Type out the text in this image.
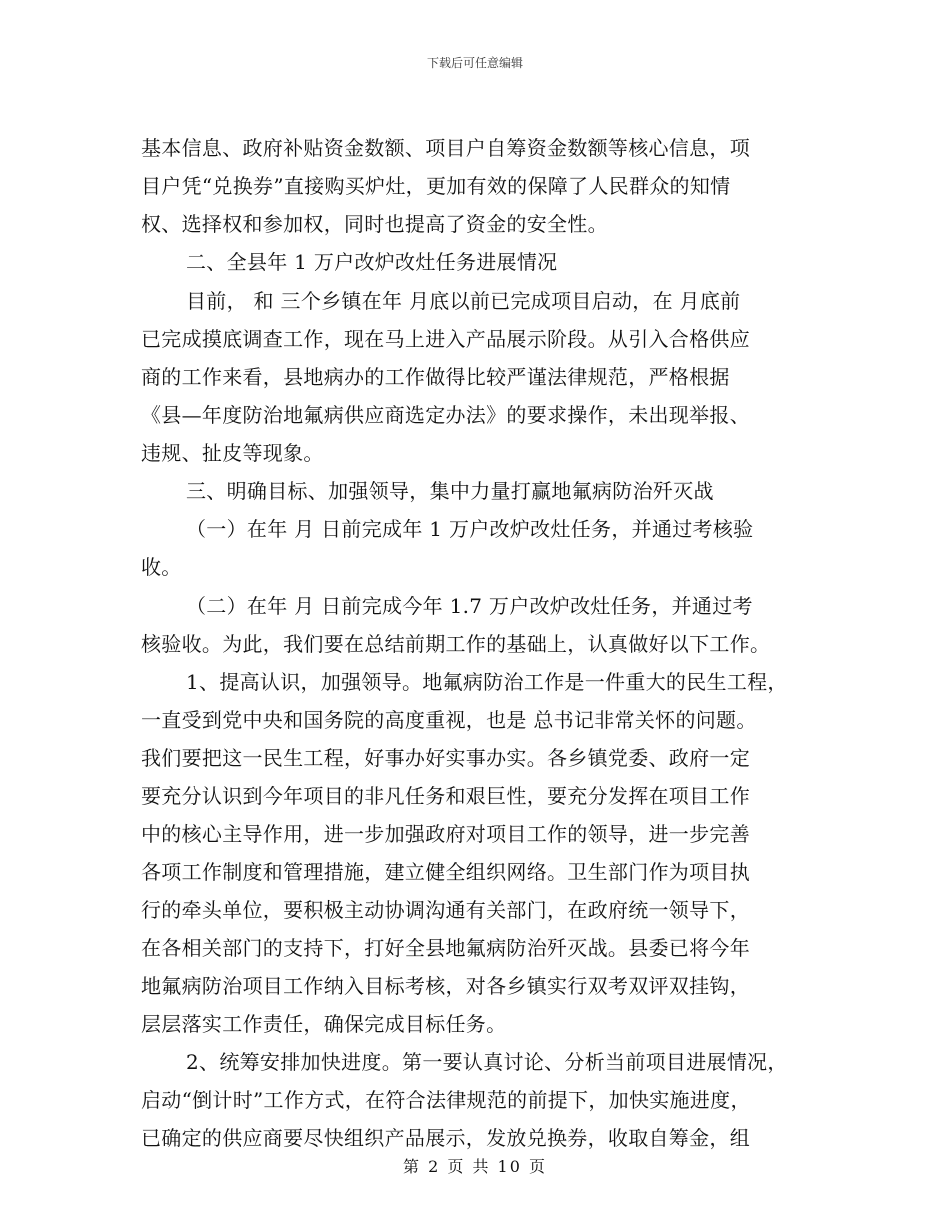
下载后可任意编辑
基本信息、政府补贴资金数额、项目户自筹资金数额等核心信息，项
目户凭“兑换券”直接购买炉灶，更加有效的保障了人民群众的知情
权、选择权和参加权，同时也提高了资金的安全性。
二、全县年 1 万户改炉改灶任务进展情况
目前， 和 三个乡镇在年 月底以前已完成项目启动，在 月底前
已完成摸底调查工作，现在马上进入产品展示阶段。从引入合格供应
商的工作来看，县地病办的工作做得比较严谨法律规范，严格根据
《县—年度防治地氟病供应商选定办法》的要求操作，未出现举报、
违规、扯皮等现象。
三、明确目标、加强领导，集中力量打赢地氟病防治歼灭战
（一）在年 月 日前完成年 1 万户改炉改灶任务，并通过考核验
收。
（二）在年 月 日前完成今年 1.7 万户改炉改灶任务，并通过考
核验收。为此，我们要在总结前期工作的基础上，认真做好以下工作。
1、提高认识，加强领导。地氟病防治工作是一件重大的民生工程，
一直受到党中央和国务院的高度重视，也是 总书记非常关怀的问题。
我们要把这一民生工程，好事办好实事办实。各乡镇党委、政府一定
要充分认识到今年项目的非凡任务和艰巨性，要充分发挥在项目工作
中的核心主导作用，进一步加强政府对项目工作的领导，进一步完善
各项工作制度和管理措施，建立健全组织网络。卫生部门作为项目执
行的牵头单位，要积极主动协调沟通有关部门，在政府统一领导下，
在各相关部门的支持下，打好全县地氟病防治歼灭战。县委已将今年
地氟病防治项目工作纳入目标考核，对各乡镇实行双考双评双挂钩，
层层落实工作责任，确保完成目标任务。
2、统筹安排加快进度。第一要认真讨论、分析当前项目进展情况，
启动“倒计时”工作方式，在符合法律规范的前提下，加快实施进度，
已确定的供应商要尽快组织产品展示，发放兑换券，收取自筹金，组
第 2 页 共 10 页
